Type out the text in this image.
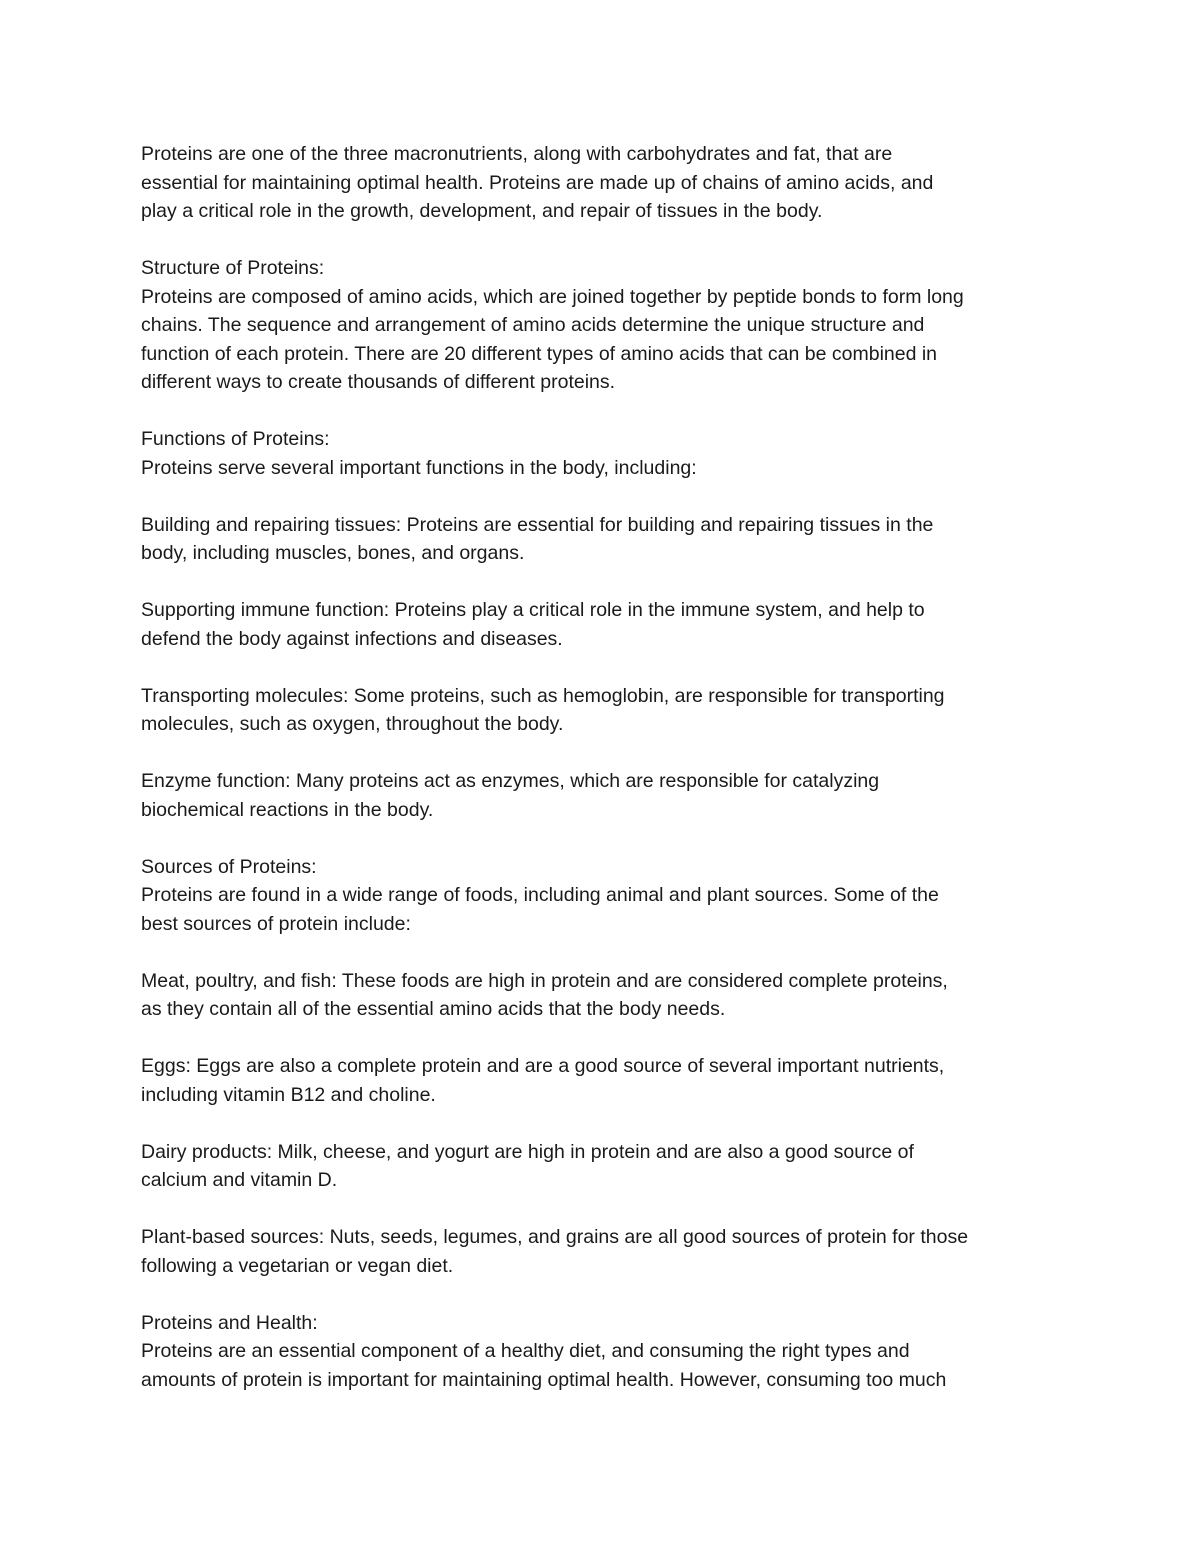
Proteins are one of the three macronutrients, along with carbohydrates and fat, that are
essential for maintaining optimal health. Proteins are made up of chains of amino acids, and
play a critical role in the growth, development, and repair of tissues in the body.

Structure of Proteins:
Proteins are composed of amino acids, which are joined together by peptide bonds to form long
chains. The sequence and arrangement of amino acids determine the unique structure and
function of each protein. There are 20 different types of amino acids that can be combined in
different ways to create thousands of different proteins.

Functions of Proteins:
Proteins serve several important functions in the body, including:

Building and repairing tissues: Proteins are essential for building and repairing tissues in the
body, including muscles, bones, and organs.

Supporting immune function: Proteins play a critical role in the immune system, and help to
defend the body against infections and diseases.

Transporting molecules: Some proteins, such as hemoglobin, are responsible for transporting
molecules, such as oxygen, throughout the body.

Enzyme function: Many proteins act as enzymes, which are responsible for catalyzing
biochemical reactions in the body.

Sources of Proteins:
Proteins are found in a wide range of foods, including animal and plant sources. Some of the
best sources of protein include:

Meat, poultry, and fish: These foods are high in protein and are considered complete proteins,
as they contain all of the essential amino acids that the body needs.

Eggs: Eggs are also a complete protein and are a good source of several important nutrients,
including vitamin B12 and choline.

Dairy products: Milk, cheese, and yogurt are high in protein and are also a good source of
calcium and vitamin D.

Plant-based sources: Nuts, seeds, legumes, and grains are all good sources of protein for those
following a vegetarian or vegan diet.

Proteins and Health:
Proteins are an essential component of a healthy diet, and consuming the right types and
amounts of protein is important for maintaining optimal health. However, consuming too much
